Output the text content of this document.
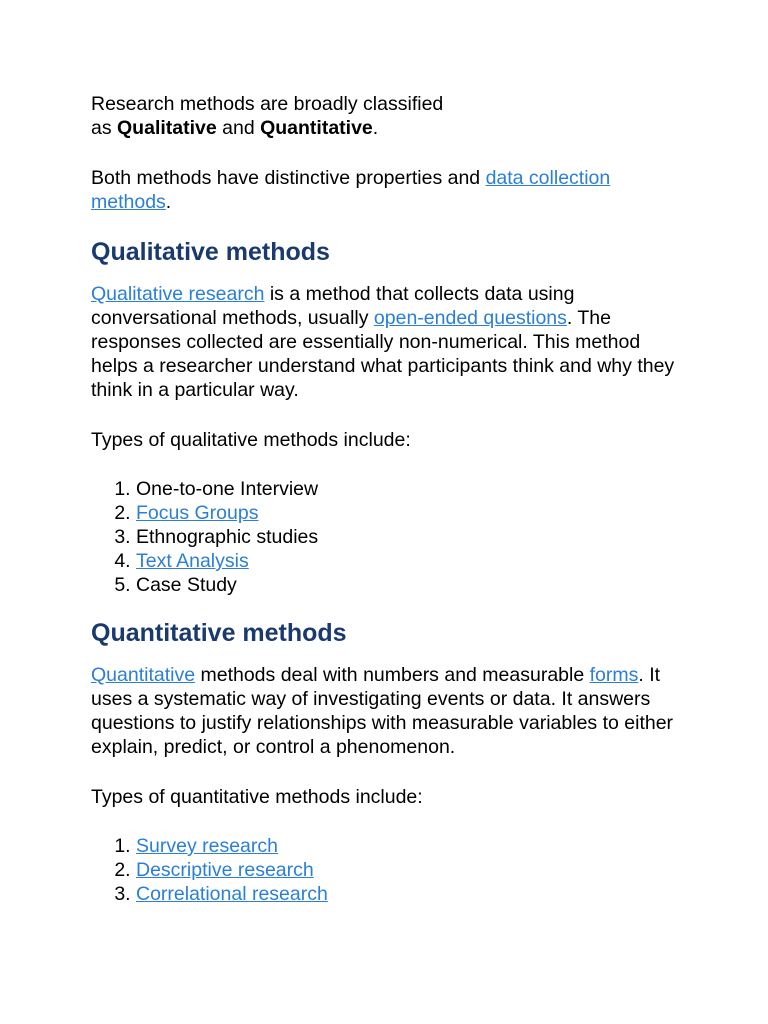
Research methods are broadly classified
as Qualitative and Quantitative.

Both methods have distinctive properties and data collection methods.

Qualitative methods

Qualitative research is a method that collects data using conversational methods, usually open-ended questions. The responses collected are essentially non-numerical. This method helps a researcher understand what participants think and why they think in a particular way.

Types of qualitative methods include:

1. One-to-one Interview
2. Focus Groups
3. Ethnographic studies
4. Text Analysis
5. Case Study
Quantitative methods

Quantitative methods deal with numbers and measurable forms. It uses a systematic way of investigating events or data. It answers questions to justify relationships with measurable variables to either explain, predict, or control a phenomenon.

Types of quantitative methods include:

1. Survey research
2. Descriptive research
3. Correlational research
